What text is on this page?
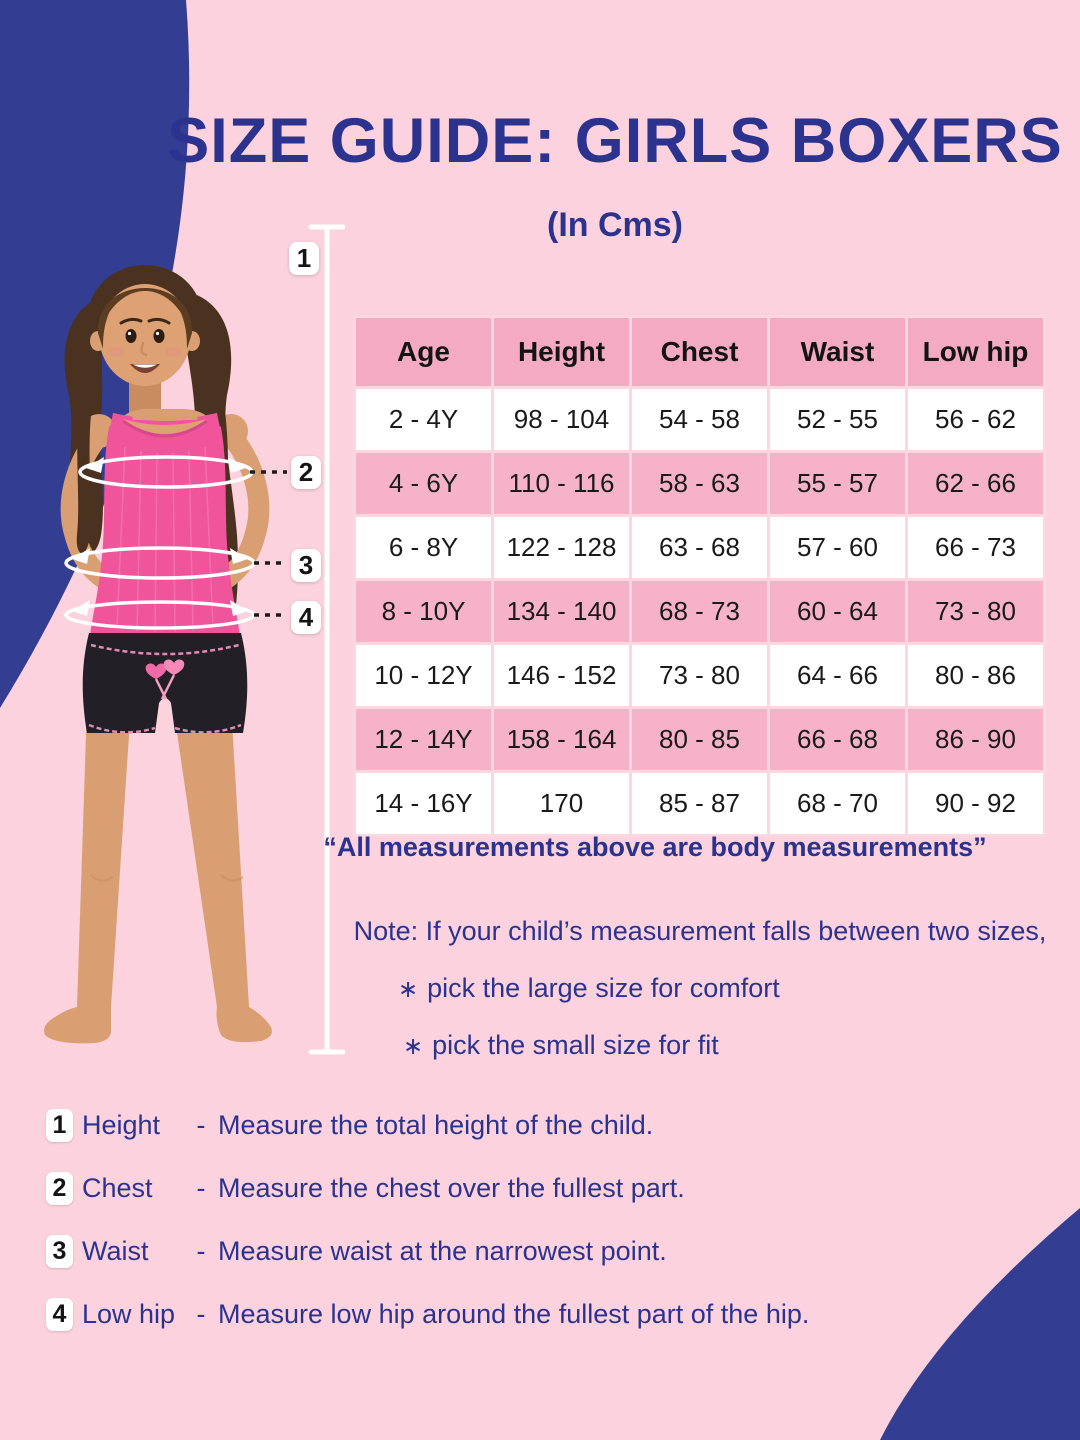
SIZE GUIDE: GIRLS BOXERS
(In Cms)
1
2
3
4
Age	Height	Chest	Waist	Low hip
2 - 4Y	98 - 104	54 - 58	52 - 55	56 - 62
4 - 6Y	110 - 116	58 - 63	55 - 57	62 - 66
6 - 8Y	122 - 128	63 - 68	57 - 60	66 - 73
8 - 10Y	134 - 140	68 - 73	60 - 64	73 - 80
10 - 12Y	146 - 152	73 - 80	64 - 66	80 - 86
12 - 14Y	158 - 164	80 - 85	66 - 68	86 - 90
14 - 16Y	170	85 - 87	68 - 70	90 - 92
“All measurements above are body measurements”
Note: If your child’s measurement falls between two sizes,
∗ pick the large size for comfort
∗ pick the small size for fit
1 Height	- Measure the total height of the child.
2 Chest	- Measure the chest over the fullest part.
3 Waist	- Measure waist at the narrowest point.
4 Low hip - Measure low hip around the fullest part of the hip.
